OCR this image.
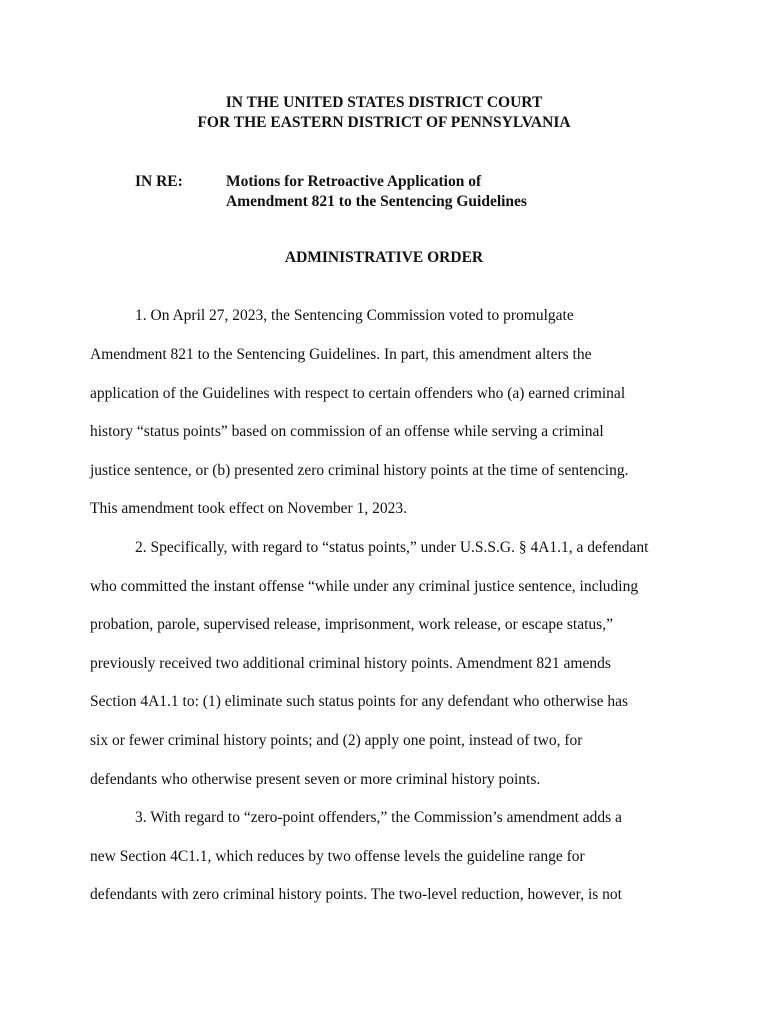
IN THE UNITED STATES DISTRICT COURT
FOR THE EASTERN DISTRICT OF PENNSYLVANIA
IN RE:	Motions for Retroactive Application of
Amendment 821 to the Sentencing Guidelines
ADMINISTRATIVE ORDER
1. On April 27, 2023, the Sentencing Commission voted to promulgate
Amendment 821 to the Sentencing Guidelines. In part, this amendment alters the
application of the Guidelines with respect to certain offenders who (a) earned criminal
history “status points” based on commission of an offense while serving a criminal
justice sentence, or (b) presented zero criminal history points at the time of sentencing.
This amendment took effect on November 1, 2023.
2. Specifically, with regard to “status points,” under U.S.S.G. § 4A1.1, a defendant
who committed the instant offense “while under any criminal justice sentence, including
probation, parole, supervised release, imprisonment, work release, or escape status,”
previously received two additional criminal history points. Amendment 821 amends
Section 4A1.1 to: (1) eliminate such status points for any defendant who otherwise has
six or fewer criminal history points; and (2) apply one point, instead of two, for
defendants who otherwise present seven or more criminal history points.
3. With regard to “zero-point offenders,” the Commission’s amendment adds a
new Section 4C1.1, which reduces by two offense levels the guideline range for
defendants with zero criminal history points. The two-level reduction, however, is not
